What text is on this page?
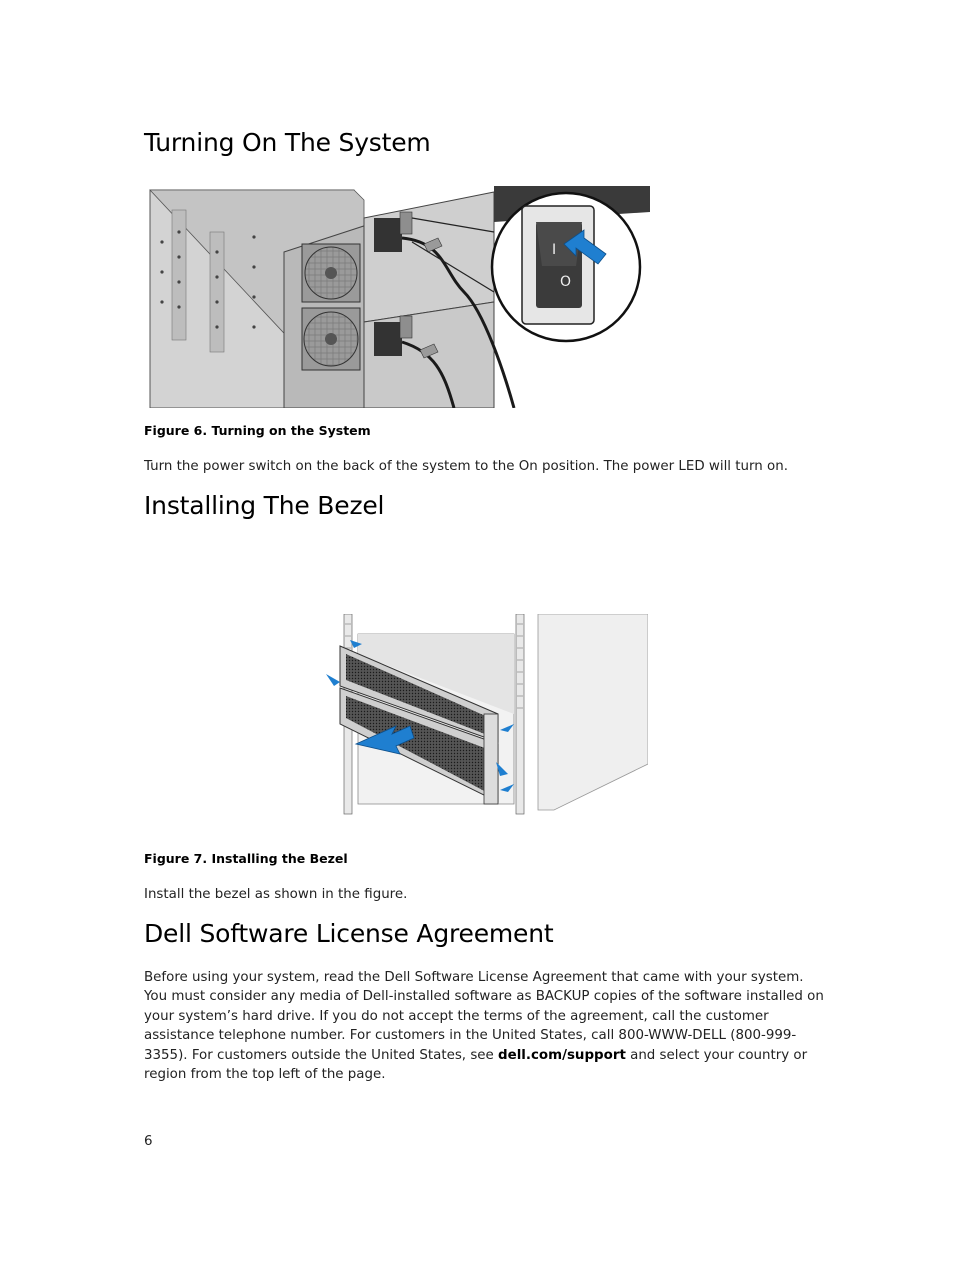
Turning On The System
I
O
Figure 6. Turning on the System

Turn the power switch on the back of the system to the On position. The power LED will turn on.

Installing The Bezel
Figure 7. Installing the Bezel

Install the bezel as shown in the figure.

Dell Software License Agreement

Before using your system, read the Dell Software License Agreement that came with your system. You must consider any media of Dell-installed software as BACKUP copies of the software installed on your system’s hard drive. If you do not accept the terms of the agreement, call the customer assistance telephone number. For customers in the United States, call 800-WWW-DELL (800-999-3355). For customers outside the United States, see dell.com/support and select your country or region from the top left of the page.

6
